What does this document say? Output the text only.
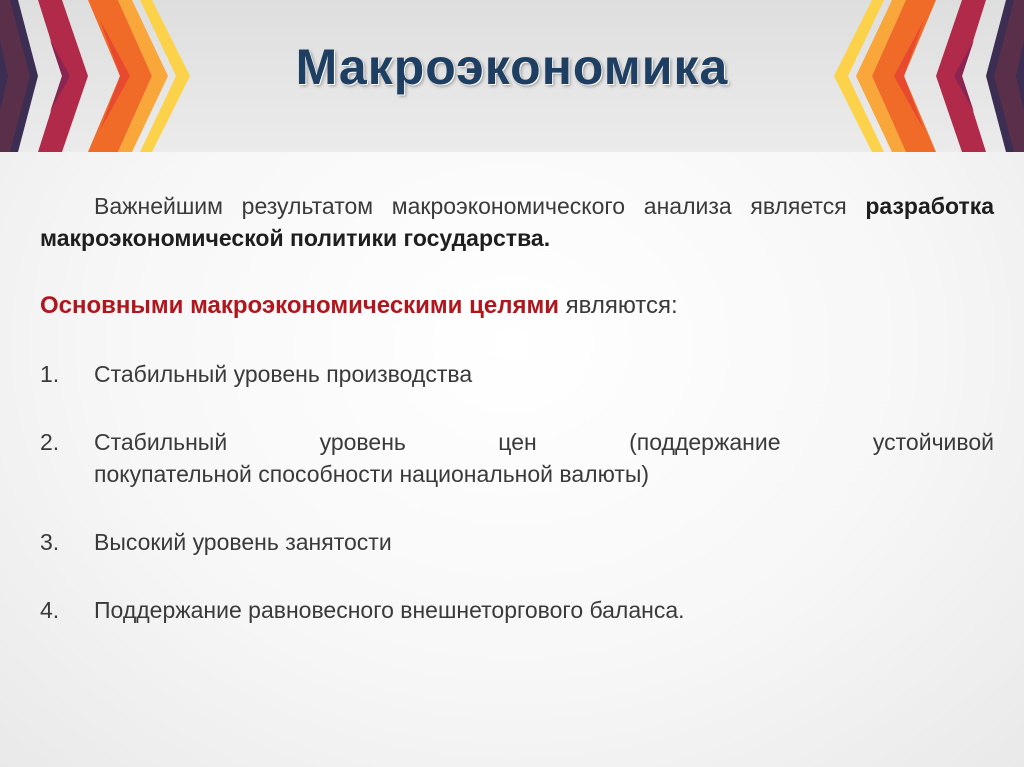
Макроэкономика

Важнейшим результатом макроэкономического анализа является разработка макроэкономической политики государства.

Основными макроэкономическими целями являются:

1. Стабильный уровень производства
2. Стабильный уровень цен (поддержание устойчивой
покупательной способности национальной валюты)
3. Высокий уровень занятости
4. Поддержание равновесного внешнеторгового баланса.
